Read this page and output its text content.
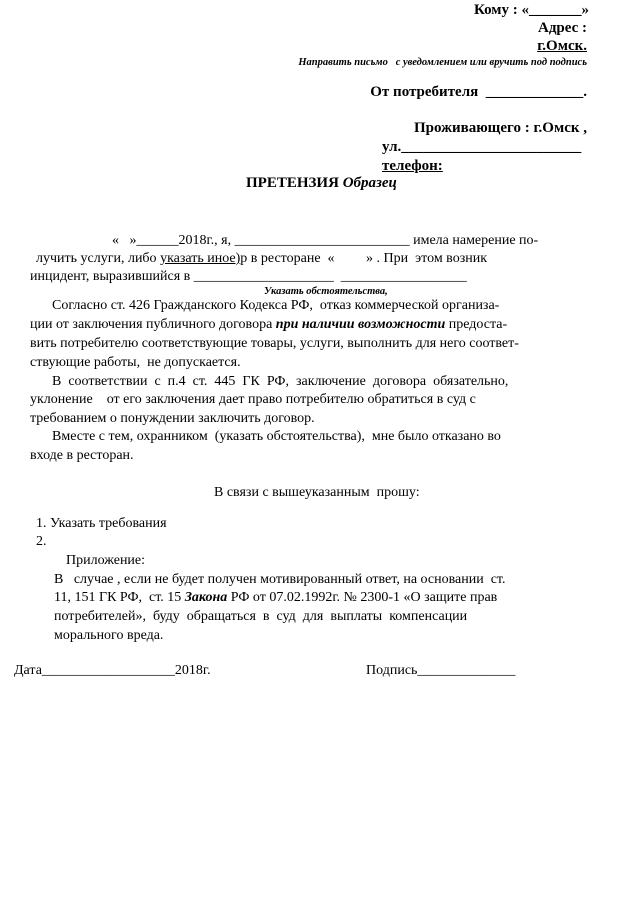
Кому : «_______»
Адрес :
г.Омск.
Направить письмо   с уведомлением или вручить под подпись
От потребителя  _____________.
Проживающего : г.Омск ,
ул.________________________
телефон:
ПРЕТЕНЗИЯ Образец
«   »______2018г., я, _________________________ имела намерение по-
лучить услуги, либо указать иное)р в ресторане  «         » . При  этом возник
инцидент, выразившийся в ____________________  __________________
Указать обстоятельства,
Согласно ст. 426 Гражданского Кодекса РФ,  отказ коммерческой организа-
ции от заключения публичного договора при наличии возможности предоста-
вить потребителю соответствующие товары, услуги, выполнить для него соответ-
ствующие работы,  не допускается.
В  соответствии  с  п.4  ст.  445  ГК  РФ,  заключение  договора  обязательно,
уклонение    от его заключения дает право потребителю обратиться в суд с
требованием о понуждении заключить договор.
Вместе с тем, охранником  (указать обстоятельства),  мне было отказано во
входе в ресторан.
В связи с вышеуказанным  прошу:
1. Указать требования
2.
Приложение:
В   случае , если не будет получен мотивированный ответ, на основании  ст.
11, 151 ГК РФ,  ст. 15 Закона РФ от 07.02.1992г. № 2300-1 «О защите прав
потребителей»,  буду  обращаться  в  суд  для  выплаты  компенсации
морального вреда.
Дата___________________2018г.	Подпись______________
